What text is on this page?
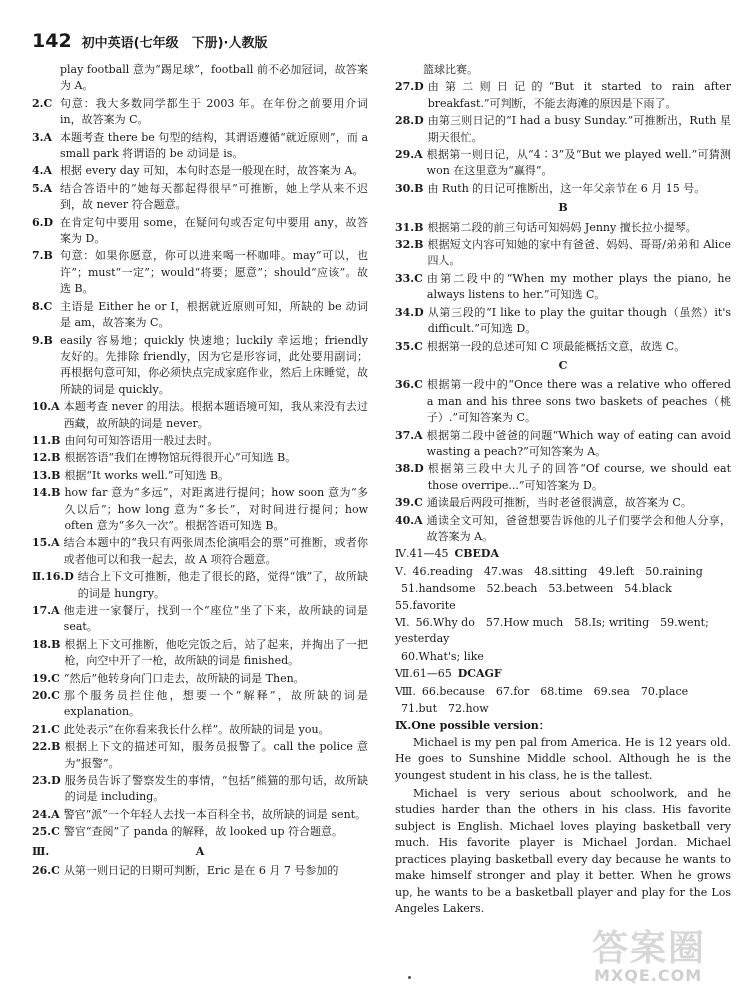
142 初中英语(七年级　下册)·人教版
play football 意为“踢足球”，football 前不必加冠词，故答案为 A。
2.C 句意：我大多数同学都生于 2003 年。在年份之前要用介词 in，故答案为 C。
3.A 本题考查 there be 句型的结构，其谓语遵循“就近原则”，而 a small park 将谓语的 be 动词是 is。
4.A 根据 every day 可知，本句时态是一般现在时，故答案为 A。
5.A 结合答语中的“她每天都起得很早”可推断，她上学从来不迟到，故 never 符合题意。
6.D 在肯定句中要用 some，在疑问句或否定句中要用 any，故答案为 D。
7.B 句意：如果你愿意，你可以进来喝一杯咖啡。may“可以，也许”；must“一定”；would“将要；愿意”；should“应该”。故选 B。
8.C 主语是 Either he or I，根据就近原则可知，所缺的 be 动词是 am，故答案为 C。
9.B easily 容易地；quickly 快速地；luckily 幸运地；friendly 友好的。先排除 friendly，因为它是形容词，此处要用副词；再根据句意可知，你必须快点完成家庭作业，然后上床睡觉，故所缺的词是 quickly。
10.A 本题考查 never 的用法。根据本题语境可知，我从来没有去过西藏，故所缺的词是 never。
11.B 由问句可知答语用一般过去时。
12.B 根据答语“我们在博物馆玩得很开心”可知选 B。
13.B 根据“It works well.”可知选 B。
14.B how far 意为“多远”，对距离进行提问；how soon 意为“多久以后”；how long 意为“多长”，对时间进行提问；how often 意为“多久一次”。根据答语可知选 B。
15.A 结合本题中的“我只有两张周杰伦演唱会的票”可推断，或者你或者他可以和我一起去，故 A 项符合题意。
Ⅱ.16.D 结合上下文可推断，他走了很长的路，觉得“饿”了，故所缺的词是 hungry。
17.A 他走进一家餐厅，找到一个“座位”坐了下来，故所缺的词是 seat。
18.B 根据上下文可推断，他吃完饭之后，站了起来，并掏出了一把枪，向空中开了一枪，故所缺的词是 finished。
19.C “然后”他转身向门口走去，故所缺的词是 Then。
20.C 那个服务员拦住他，想要一个“解释”，故所缺的词是 explanation。
21.C 此处表示“在你看来我长什么样”。故所缺的词是 you。
22.B 根据上下文的描述可知，服务员报警了。call the police 意为“报警”。
23.D 服务员告诉了警察发生的事情，“包括”熊猫的那句话，故所缺的词是 including。
24.A 警官“派”一个年轻人去找一本百科全书，故所缺的词是 sent。
25.C 警官“查阅”了 panda 的解释，故 looked up 符合题意。
Ⅲ.	A
26.C 从第一则日记的日期可判断，Eric 是在 6 月 7 号参加的
篮球比赛。
27.D 由第二则日记的“But it started to rain after breakfast.”可判断，不能去海滩的原因是下雨了。
28.D 由第三则日记的“I had a busy Sunday.”可推断出，Ruth 星期天很忙。
29.A 根据第一则日记，从“4∶3”及“But we played well.”可猜测 won 在这里意为“赢得”。
30.B 由 Ruth 的日记可推断出，这一年父亲节在 6 月 15 号。
B
31.B 根据第二段的前三句话可知妈妈 Jenny 擅长拉小提琴。
32.B 根据短文内容可知她的家中有爸爸、妈妈、哥哥/弟弟和 Alice 四人。
33.C 由第二段中的“When my mother plays the piano, he always listens to her.”可知选 C。
34.D 从第三段的“I like to play the guitar though（虽然）it's difficult.”可知选 D。
35.C 根据第一段的总述可知 C 项最能概括文意，故选 C。
C
36.C 根据第一段中的“Once there was a relative who offered a man and his three sons two baskets of peaches（桃子）.”可知答案为 C。
37.A 根据第二段中爸爸的问题“Which way of eating can avoid wasting a peach?”可知答案为 A。
38.D 根据第三段中大儿子的回答“Of course, we should eat those overripe...”可知答案为 D。
39.C 通读最后两段可推断，当时老爸很满意，故答案为 C。
40.A 通读全文可知，爸爸想要告诉他的儿子们要学会和他人分享，故答案为 A。
Ⅳ.41—45 CBEDA
Ⅴ. 46.reading　47.was　48.sitting　49.left　50.raining
51.handsome　52.beach　53.between　54.black　55.favorite
Ⅵ. 56.Why do　57.How much　58.Is; writing　59.went; yesterday
60.What's; like
Ⅶ.61—65 DCAGF
Ⅷ. 66.because　67.for　68.time　69.sea　70.place
71.but　72.how
Ⅸ.One possible version：

Michael is my pen pal from America. He is 12 years old. He goes to Sunshine Middle school. Although he is the youngest student in his class, he is the tallest.

Michael is very serious about schoolwork, and he studies harder than the others in his class. His favorite subject is English. Michael loves playing basketball very much. His favorite player is Michael Jordan. Michael practices playing basketball every day because he wants to make himself stronger and play it better. When he grows up, he wants to be a basketball player and play for the Los Angeles Lakers.

答案圈
MXQE.COM
